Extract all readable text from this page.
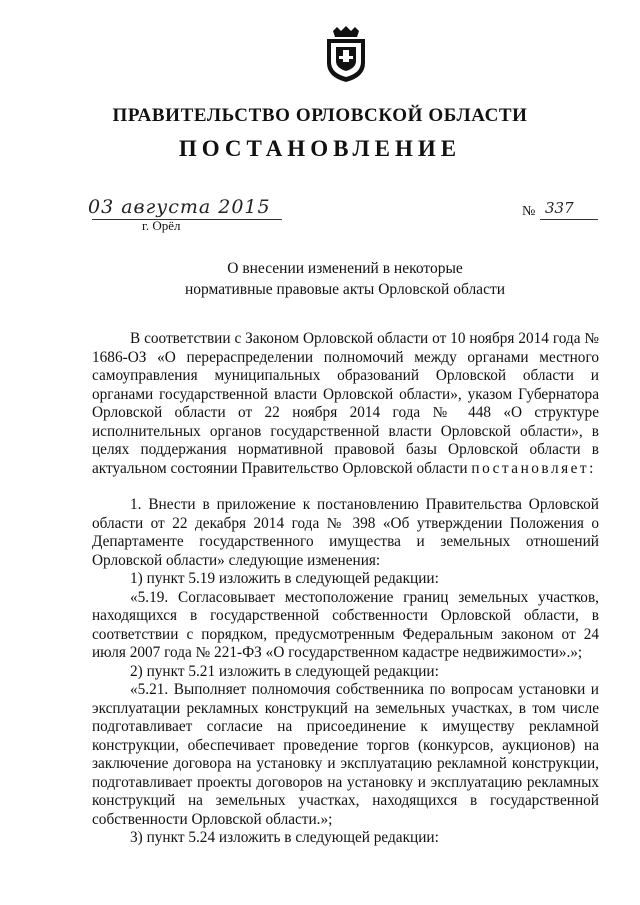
ПРАВИТЕЛЬСТВО ОРЛОВСКОЙ ОБЛАСТИ
ПОСТАНОВЛЕНИЕ
03 августа 2015
г. Орёл
№ 337
О внесении изменений в некоторые
нормативные правовые акты Орловской области

В соответствии с Законом Орловской области от 10 ноября 2014 года № 1686-ОЗ «О перераспределении полномочий между органами местного самоуправления муниципальных образований Орловской области и органами государственной власти Орловской области», указом Губернатора Орловской области от 22 ноября 2014 года № 448 «О структуре исполнительных органов государственной власти Орловской области», в целях поддержания нормативной правовой базы Орловской области в актуальном состоянии Правительство Орловской области постановляет:

1. Внести в приложение к постановлению Правительства Орловской области от 22 декабря 2014 года № 398 «Об утверждении Положения о Департаменте государственного имущества и земельных отношений Орловской области» следующие изменения:

1) пункт 5.19 изложить в следующей редакции:

«5.19. Согласовывает местоположение границ земельных участков, находящихся в государственной собственности Орловской области, в соответствии с порядком, предусмотренным Федеральным законом от 24 июля 2007 года № 221-ФЗ «О государственном кадастре недвижимости».»;

2) пункт 5.21 изложить в следующей редакции:

«5.21. Выполняет полномочия собственника по вопросам установки и эксплуатации рекламных конструкций на земельных участках, в том числе подготавливает согласие на присоединение к имуществу рекламной конструкции, обеспечивает проведение торгов (конкурсов, аукционов) на заключение договора на установку и эксплуатацию рекламной конструкции, подготавливает проекты договоров на установку и эксплуатацию рекламных конструкций на земельных участках, находящихся в государственной собственности Орловской области.»;

3) пункт 5.24 изложить в следующей редакции:
